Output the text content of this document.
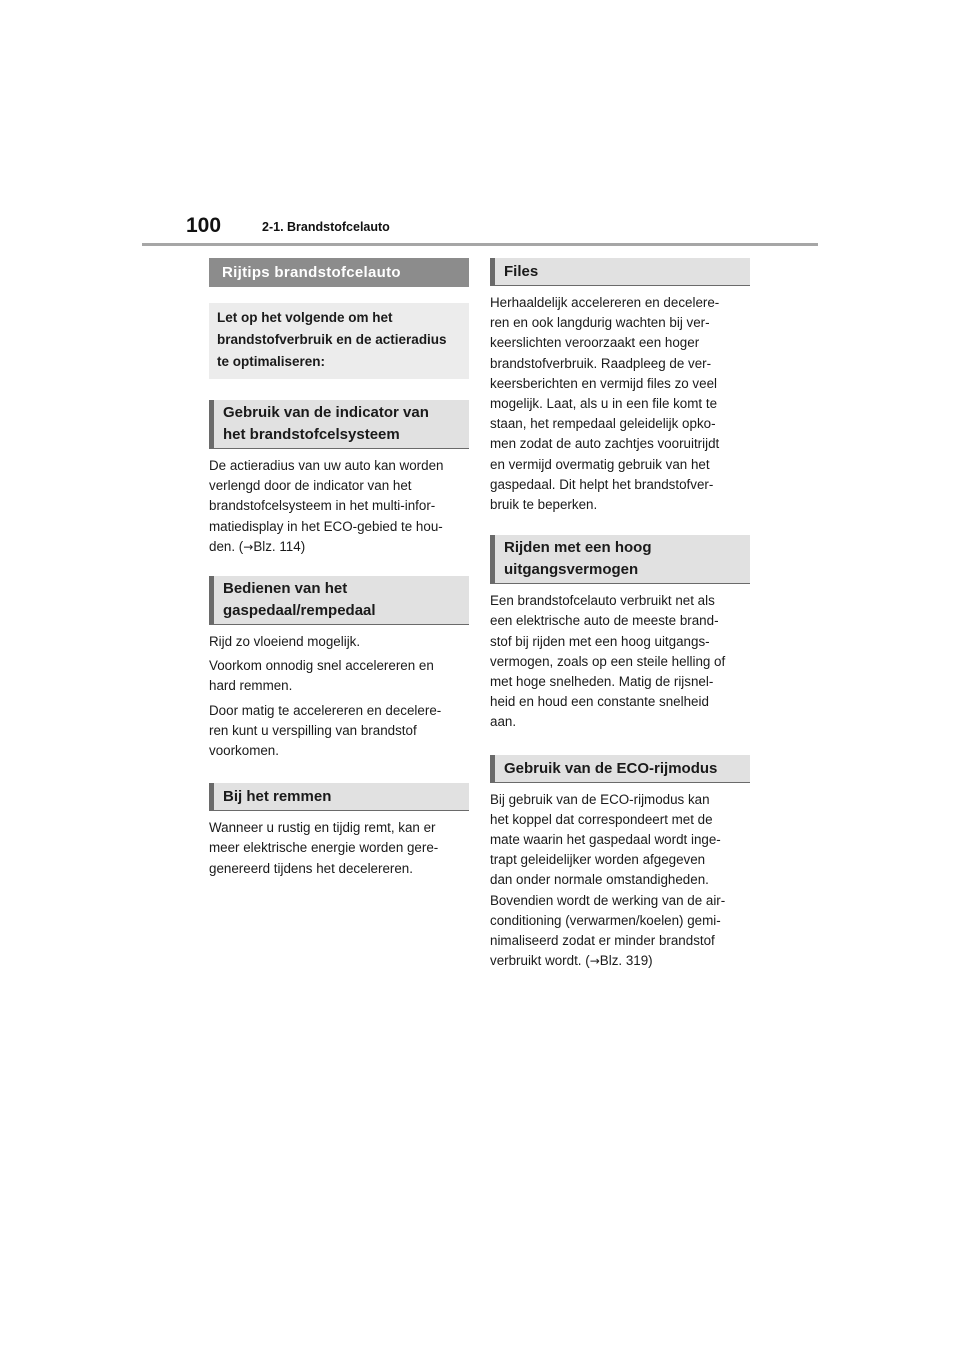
100	2-1. Brandstofcelauto
Rijtips brandstofcelauto
Let op het volgende om het brandstofverbruik en de actieradius te optimaliseren:
Gebruik van de indicator van
het brandstofcelsysteem
De actieradius van uw auto kan worden
verlengd door de indicator van het
brandstofcelsysteem in het multi-infor-
matiedisplay in het ECO-gebied te hou-
den. (→Blz. 114)
Bedienen van het
gaspedaal/rempedaal
Rijd zo vloeiend mogelijk.
Voorkom onnodig snel accelereren en
hard remmen.
Door matig te accelereren en decelere-
ren kunt u verspilling van brandstof
voorkomen.
Bij het remmen
Wanneer u rustig en tijdig remt, kan er
meer elektrische energie worden gere-
genereerd tijdens het decelereren.
Files
Herhaaldelijk accelereren en decelere-
ren en ook langdurig wachten bij ver-
keerslichten veroorzaakt een hoger
brandstofverbruik. Raadpleeg de ver-
keersberichten en vermijd files zo veel
mogelijk. Laat, als u in een file komt te
staan, het rempedaal geleidelijk opko-
men zodat de auto zachtjes vooruitrijdt
en vermijd overmatig gebruik van het
gaspedaal. Dit helpt het brandstofver-
bruik te beperken.
Rijden met een hoog
uitgangsvermogen
Een brandstofcelauto verbruikt net als
een elektrische auto de meeste brand-
stof bij rijden met een hoog uitgangs-
vermogen, zoals op een steile helling of
met hoge snelheden. Matig de rijsnel-
heid en houd een constante snelheid
aan.
Gebruik van de ECO-rijmodus
Bij gebruik van de ECO-rijmodus kan
het koppel dat correspondeert met de
mate waarin het gaspedaal wordt inge-
trapt geleidelijker worden afgegeven
dan onder normale omstandigheden.
Bovendien wordt de werking van de air-
conditioning (verwarmen/koelen) gemi-
nimaliseerd zodat er minder brandstof
verbruikt wordt. (→Blz. 319)
